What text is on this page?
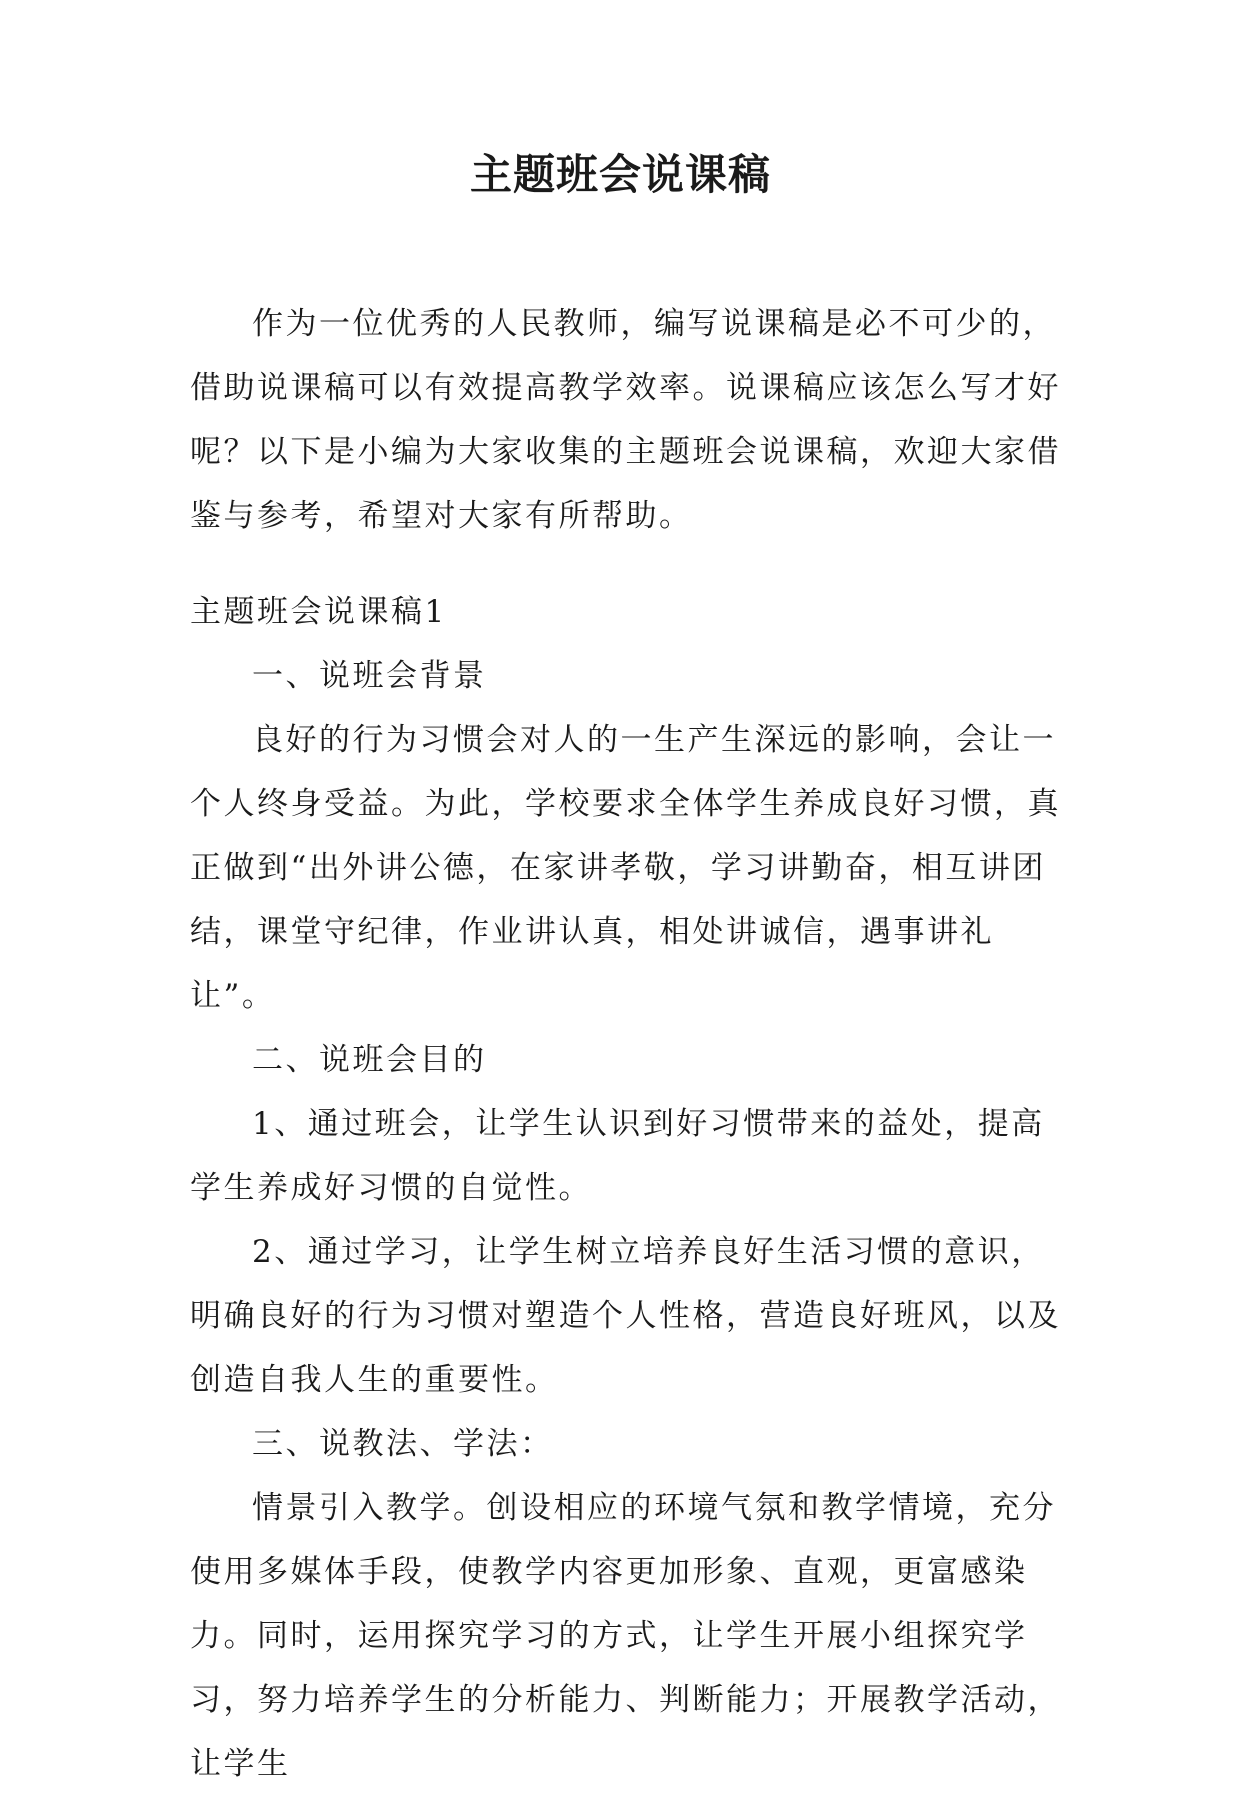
主题班会说课稿

作为一位优秀的人民教师，编写说课稿是必不可少的，借助说课稿可以有效提高教学效率。说课稿应该怎么写才好呢？以下是小编为大家收集的主题班会说课稿，欢迎大家借鉴与参考，希望对大家有所帮助。

主题班会说课稿1

一、说班会背景

良好的行为习惯会对人的一生产生深远的影响，会让一个人终身受益。为此，学校要求全体学生养成良好习惯，真正做到“出外讲公德，在家讲孝敬，学习讲勤奋，相互讲团结，课堂守纪律，作业讲认真，相处讲诚信，遇事讲礼让”。

二、说班会目的

1、通过班会，让学生认识到好习惯带来的益处，提高学生养成好习惯的自觉性。

2、通过学习，让学生树立培养良好生活习惯的意识，明确良好的行为习惯对塑造个人性格，营造良好班风，以及创造自我人生的重要性。

三、说教法、学法：

情景引入教学。创设相应的环境气氛和教学情境，充分使用多媒体手段，使教学内容更加形象、直观，更富感染力。同时，运用探究学习的方式，让学生开展小组探究学习，努力培养学生的分析能力、判断能力；开展教学活动，让学生
